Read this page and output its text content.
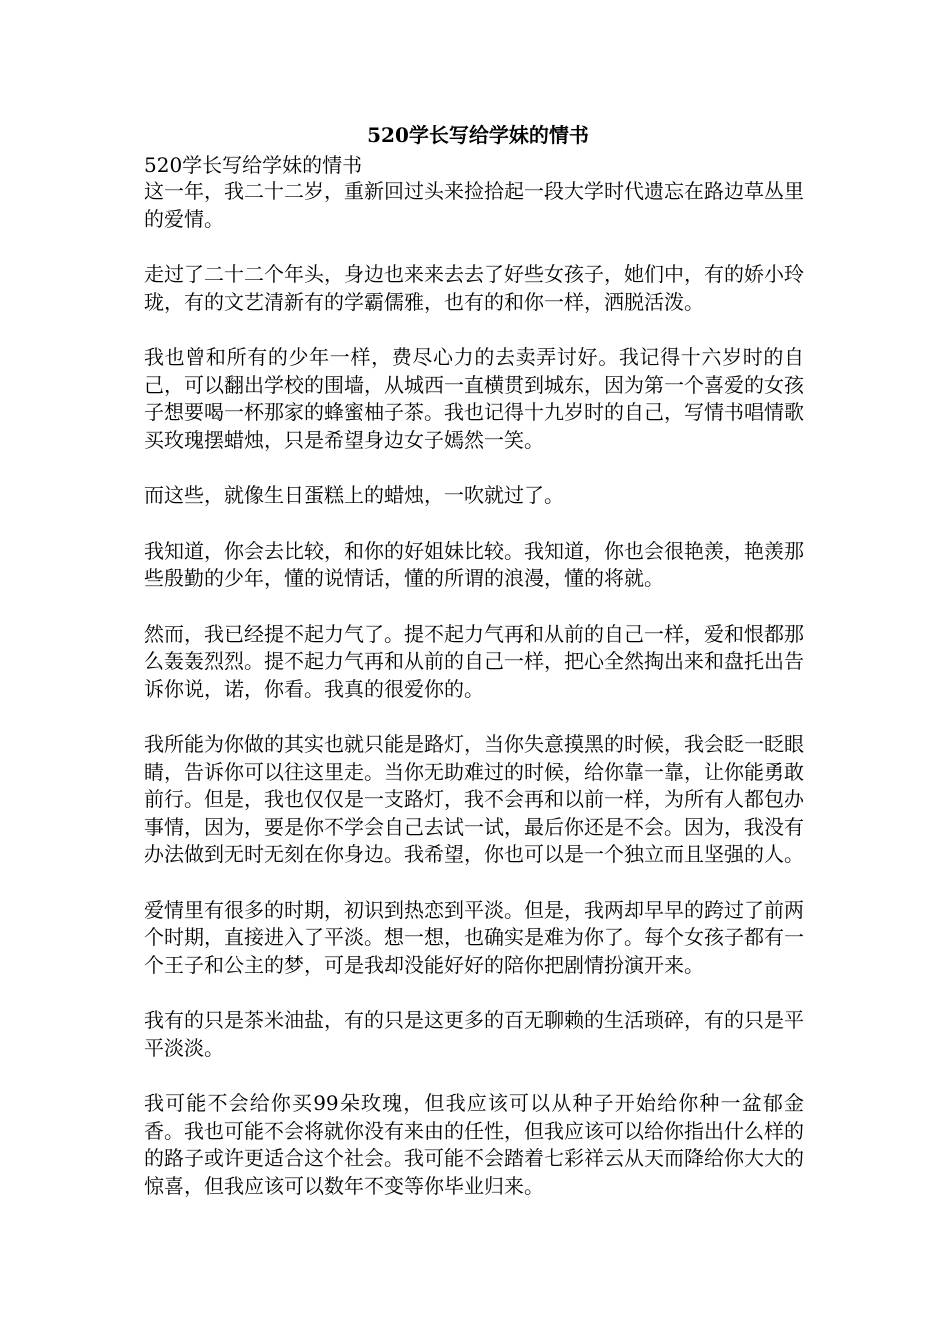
520学长写给学妹的情书

520学长写给学妹的情书

这一年，我二十二岁，重新回过头来捡拾起一段大学时代遗忘在路边草丛里的爱情。

走过了二十二个年头，身边也来来去去了好些女孩子，她们中，有的娇小玲珑，有的文艺清新有的学霸儒雅，也有的和你一样，洒脱活泼。

我也曾和所有的少年一样，费尽心力的去卖弄讨好。我记得十六岁时的自己，可以翻出学校的围墙，从城西一直横贯到城东，因为第一个喜爱的女孩子想要喝一杯那家的蜂蜜柚子茶。我也记得十九岁时的自己，写情书唱情歌买玫瑰摆蜡烛，只是希望身边女子嫣然一笑。

而这些，就像生日蛋糕上的蜡烛，一吹就过了。

我知道，你会去比较，和你的好姐妹比较。我知道，你也会很艳羡，艳羡那些殷勤的少年，懂的说情话，懂的所谓的浪漫，懂的将就。

然而，我已经提不起力气了。提不起力气再和从前的自己一样，爱和恨都那么轰轰烈烈。提不起力气再和从前的自己一样，把心全然掏出来和盘托出告诉你说，诺，你看。我真的很爱你的。

我所能为你做的其实也就只能是路灯，当你失意摸黑的时候，我会眨一眨眼睛，告诉你可以往这里走。当你无助难过的时候，给你靠一靠，让你能勇敢前行。但是，我也仅仅是一支路灯，我不会再和以前一样，为所有人都包办事情，因为，要是你不学会自己去试一试，最后你还是不会。因为，我没有办法做到无时无刻在你身边。我希望，你也可以是一个独立而且坚强的人。

爱情里有很多的时期，初识到热恋到平淡。但是，我两却早早的跨过了前两个时期，直接进入了平淡。想一想，也确实是难为你了。每个女孩子都有一个王子和公主的梦，可是我却没能好好的陪你把剧情扮演开来。

我有的只是茶米油盐，有的只是这更多的百无聊赖的生活琐碎，有的只是平平淡淡。

我可能不会给你买99朵玫瑰，但我应该可以从种子开始给你种一盆郁金香。我也可能不会将就你没有来由的任性，但我应该可以给你指出什么样的的路子或许更适合这个社会。我可能不会踏着七彩祥云从天而降给你大大的惊喜，但我应该可以数年不变等你毕业归来。
